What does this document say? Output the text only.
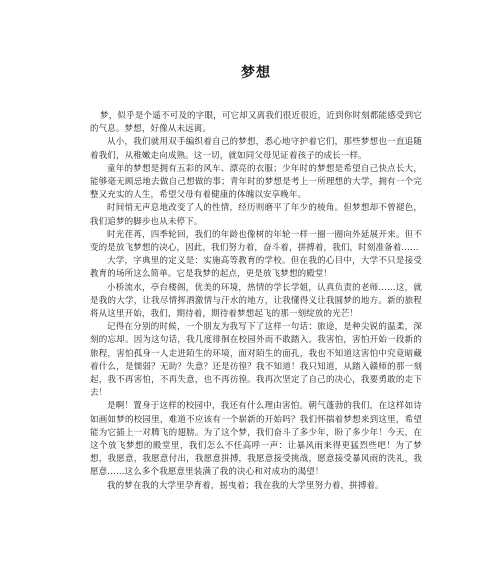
梦想

梦，似乎是个遥不可及的字眼，可它却又离我们很近很近，近到你时刻都能感受到它的气息。梦想，好像从未远离。

从小，我们就用双手编织着自己的梦想，悉心地守护着它们，那些梦想也一直追随着我们，从稚嫩走向成熟。这一切，就如同父母见证着孩子的成长一样。

童年的梦想是拥有五彩的风车、漂亮的衣服；少年时的梦想是希望自己快点长大，能够毫无顾忌地去做自己想做的事；青年时的梦想是考上一所理想的大学，拥有一个完整又充实的人生，希望父母有着健康的体魄以安享晚年。

时间悄无声息地改变了人的性情，经历则磨平了年少的棱角。但梦想却不曾褪色，我们追梦的脚步也从未停下。

时光荏苒，四季轮回，我们的年龄也像树的年轮一样一圈一圈向外延展开来。但不变的是放飞梦想的决心，因此，我们努力着，奋斗着，拼搏着，我们，时刻准备着……

大学，字典里的定义是：实施高等教育的学校。但在我的心目中，大学不只是接受教育的场所这么简单。它是我梦的起点，更是放飞梦想的殿堂！

小桥流水，亭台楼阁，优美的环境，热情的学长学姐，认真负责的老师……这，就是我的大学，让我尽情挥洒激情与汗水的地方，让我懂得义让我圆梦的地方。新的旅程将从这里开始，我们，期待着，期待着梦想起飞的那一刻绽放的光芒！

记得在分别的时候，一个朋友为我写下了这样一句话：旅途，是种尖锐的温柔，深刻的忘却。因为这句话，我几度徘徊在校园外而不敢踏入。我害怕，害怕开始一段新的旅程，害怕孤身一人走进陌生的环境，面对陌生的面孔，我也不知道这害怕中究竟暗藏着什么，是懦弱？无助？失意？还是彷徨？我不知道！我只知道，从踏入赣师的那一刻起，我不再害怕，不再失意，也不再彷徨。我再次坚定了自己的决心，我要勇敢的走下去！

是啊！置身于这样的校园中，我还有什么理由害怕。朝气蓬勃的我们，在这样如诗如画如梦的校园里，难道不应该有一个崭新的开始吗？我们怀揣着梦想来到这里，希望能为它插上一对腾飞的翅膀。为了这个梦，我们奋斗了多少年，盼了多少年！今天，在这个放飞梦想的殿堂里，我们怎么不任高呼一声：让暴风雨来得更猛烈些吧！为了梦想，我愿意，我愿意付出，我愿意拼搏，我愿意接受挑战，愿意接受暴风雨的洗礼，我愿意……这么多个我愿意里装满了我的决心和对成功的渴望！

我的梦在我的大学里孕育着，摇曳着；我在我的大学里努力着，拼搏着。
